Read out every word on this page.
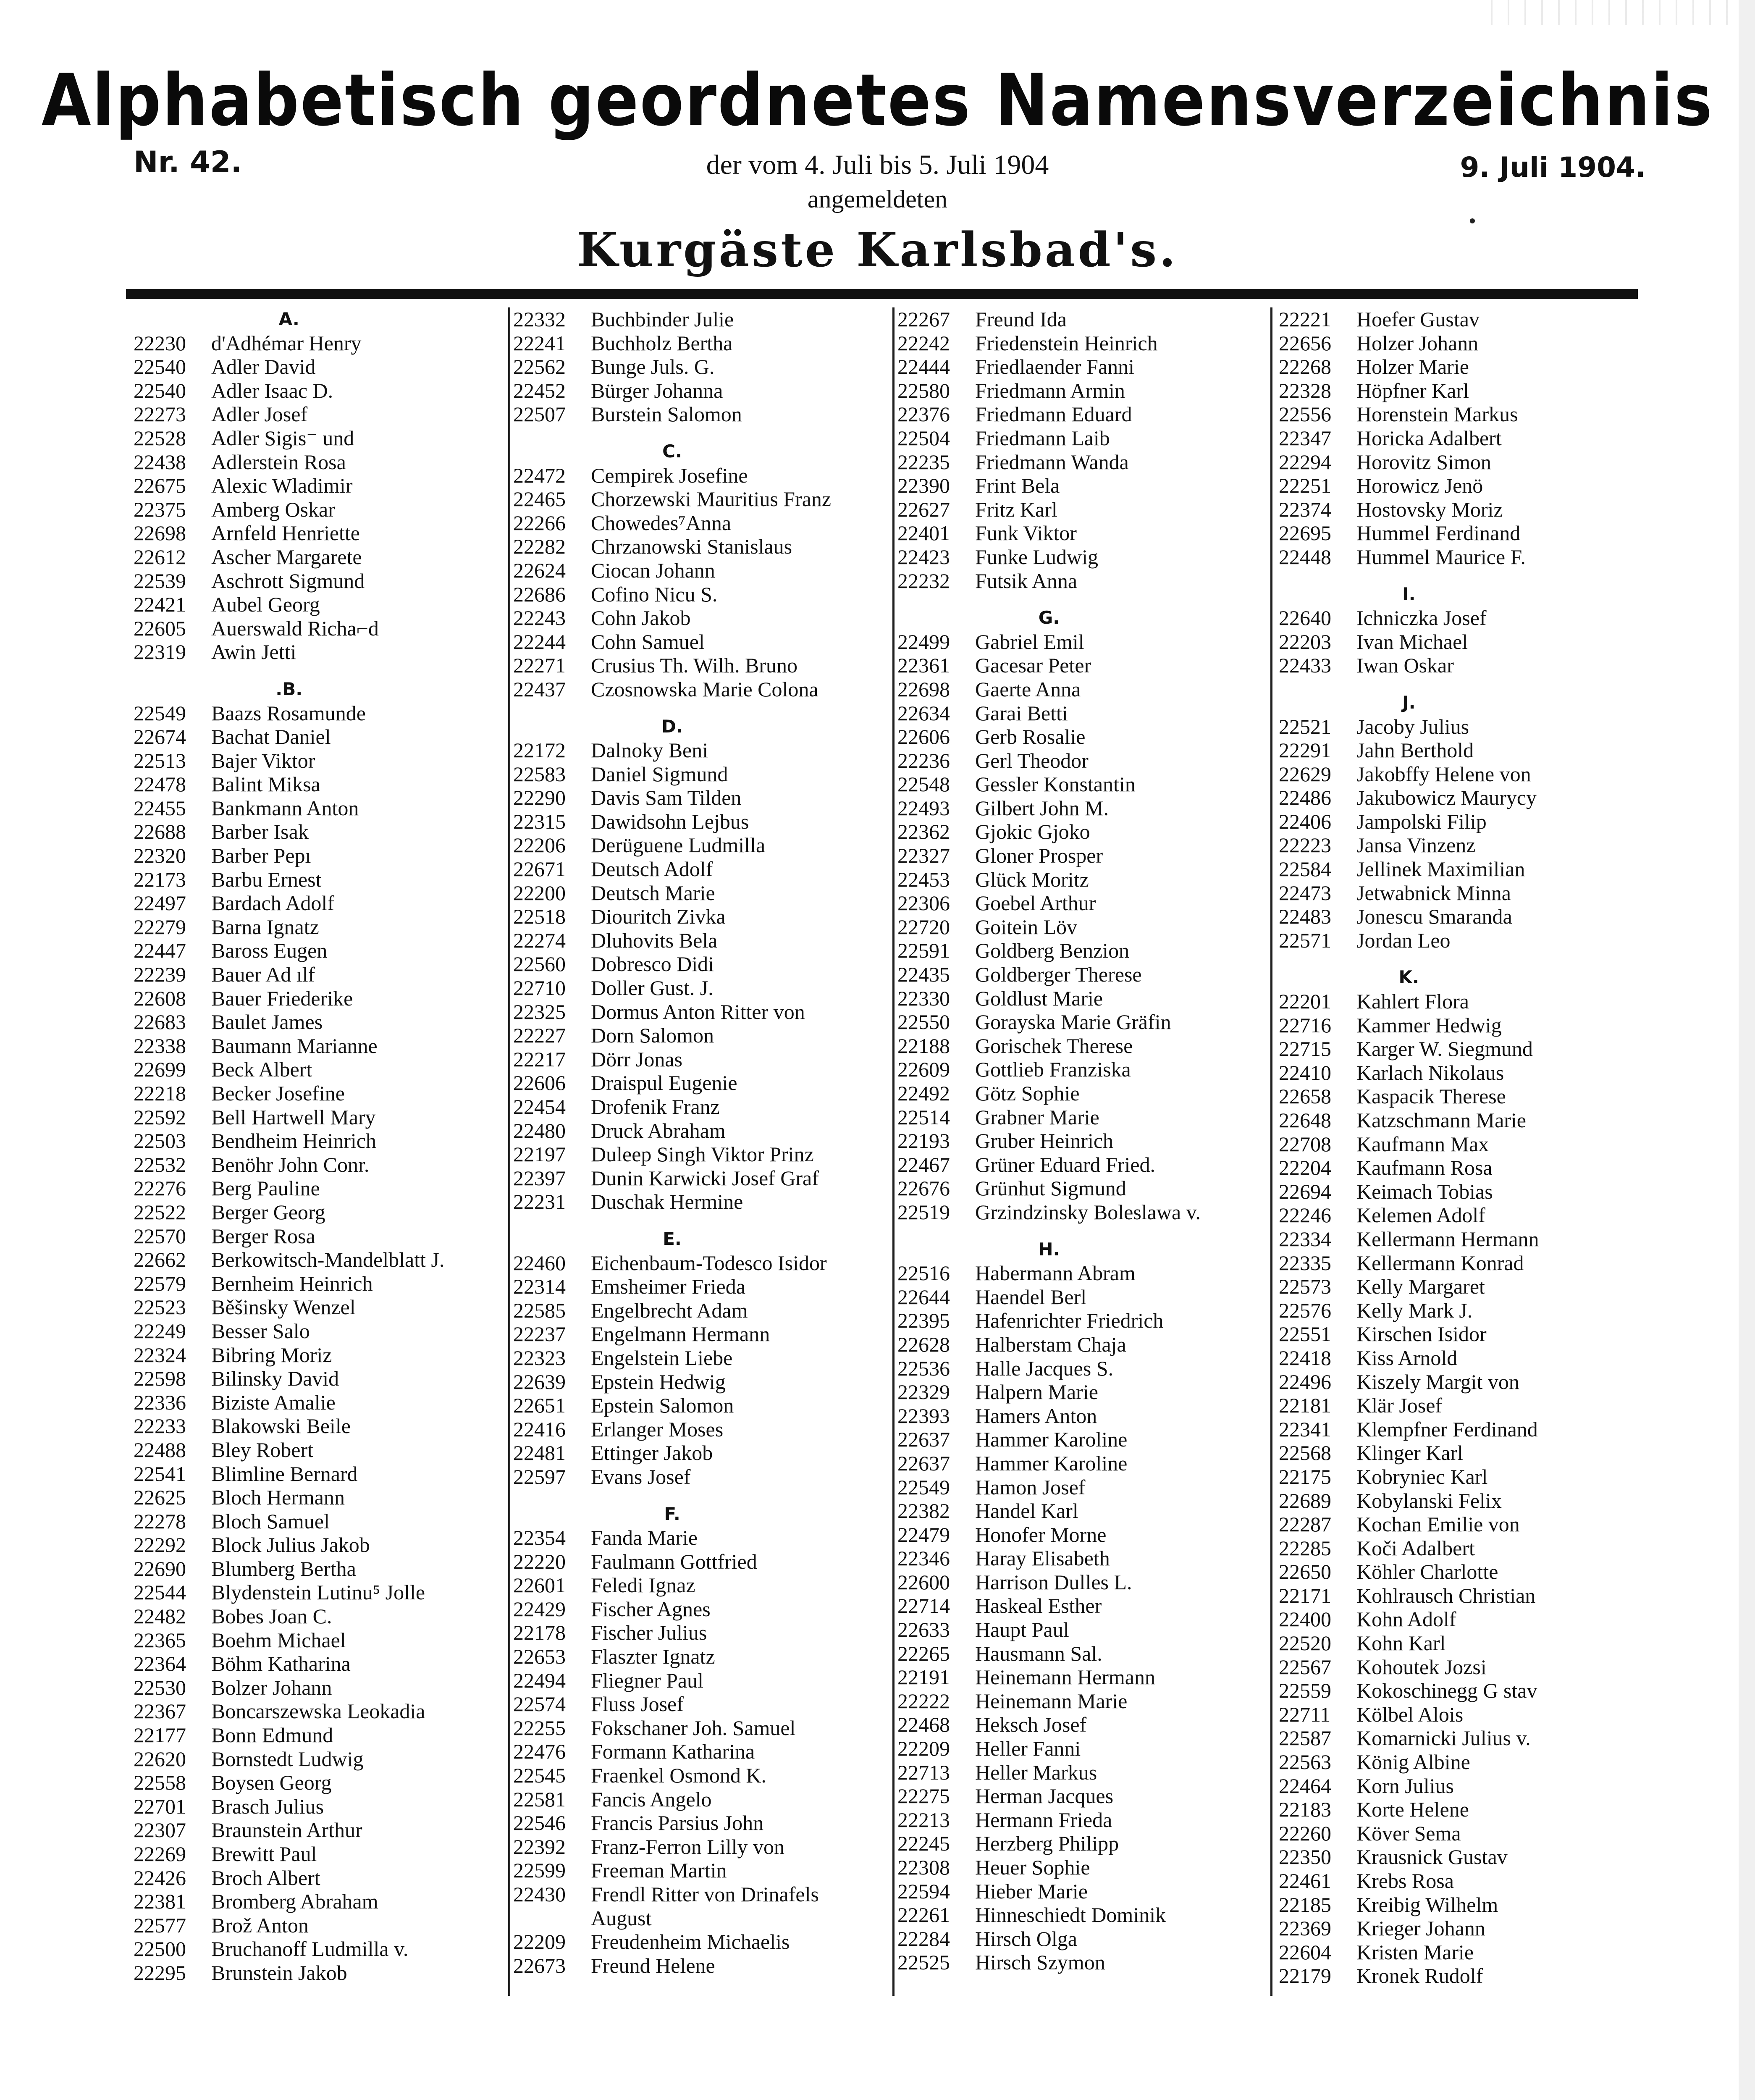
Alphabetisch geordnetes Namensverzeichnis
Nr. 42.	der vom 4. Juli bis 5. Juli 1904
angemeldeten
9. Juli 1904.
Kurgäste Karlsbad's.
A.
22230 d'Adhémar Henry
22540 Adler David
22540 Adler Isaac D.
22273 Adler Josef
22528 Adler Sigis⁻ und
22438 Adlerstein Rosa
22675 Alexic Wladimir
22375 Amberg Oskar
22698 Arnfeld Henriette
22612 Ascher Margarete
22539 Aschrott Sigmund
22421 Aubel Georg
22605 Auerswald Richa⌐d
22319 Awin Jetti
.B.
22549 Baazs Rosamunde
22674 Bachat Daniel
22513 Bajer Viktor
22478 Balint Miksa
22455 Bankmann Anton
22688 Barber Isak
22320 Barber Pepı
22173 Barbu Ernest
22497 Bardach Adolf
22279 Barna Ignatz
22447 Baross Eugen
22239 Bauer Ad ılf
22608 Bauer Friederike
22683 Baulet James
22338 Baumann Marianne
22699 Beck Albert
22218 Becker Josefine
22592 Bell Hartwell Mary
22503 Bendheim Heinrich
22532 Benöhr John Conr.
22276 Berg Pauline
22522 Berger Georg
22570 Berger Rosa
22662 Berkowitsch-Mandelblatt J.
22579 Bernheim Heinrich
22523 Běšinsky Wenzel
22249 Besser Salo
22324 Bibring Moriz
22598 Bilinsky David
22336 Biziste Amalie
22233 Blakowski Beile
22488 Bley Robert
22541 Blimline Bernard
22625 Bloch Hermann
22278 Bloch Samuel
22292 Block Julius Jakob
22690 Blumberg Bertha
22544 Blydenstein Lutinu⁵ Jolle
22482 Bobes Joan C.
22365 Boehm Michael
22364 Böhm Katharina
22530 Bolzer Johann
22367 Boncarszewska Leokadia
22177 Bonn Edmund
22620 Bornstedt Ludwig
22558 Boysen Georg
22701 Brasch Julius
22307 Braunstein Arthur
22269 Brewitt Paul
22426 Broch Albert
22381 Bromberg Abraham
22577 Brož Anton
22500 Bruchanoff Ludmilla v.
22295 Brunstein Jakob
22332 Buchbinder Julie
22241 Buchholz Bertha
22562 Bunge Juls. G.
22452 Bürger Johanna
22507 Burstein Salomon
C.
22472 Cempirek Josefine
22465 Chorzewski Mauritius Franz
22266 Chowedes⁷Anna
22282 Chrzanowski Stanislaus
22624 Ciocan Johann
22686 Cofino Nicu S.
22243 Cohn Jakob
22244 Cohn Samuel
22271 Crusius Th. Wilh. Bruno
22437 Czosnowska Marie Colona
D.
22172 Dalnoky Beni
22583 Daniel Sigmund
22290 Davis Sam Tilden
22315 Dawidsohn Lejbus
22206 Derüguene Ludmilla
22671 Deutsch Adolf
22200 Deutsch Marie
22518 Diouritch Zivka
22274 Dluhovits Bela
22560 Dobresco Didi
22710 Doller Gust. J.
22325 Dormus Anton Ritter von
22227 Dorn Salomon
22217 Dörr Jonas
22606 Draispul Eugenie
22454 Drofenik Franz
22480 Druck Abraham
22197 Duleep Singh Viktor Prinz
22397 Dunin Karwicki Jos⁠ef Graf
22231 Duschak Hermine
E.
22460 Eichenbaum-Todesco Isidor
22314 Emsheimer Frieda
22585 Engelbrecht Adam
22237 Engelmann Hermann
22323 Engelstein Liebe
22639 Epstein Hedwig
22651 Epstein Salomon
22416 Erlanger Moses
22481 Ettinger Jakob
22597 Evans Josef
F.
22354 Fanda Marie
22220 Faulmann Gottfried
22601 Feledi Ignaz
22429 Fischer Agnes
22178 Fischer Julius
22653 Flaszter Ignatz
22494 Fliegner Paul
22574 Fluss Josef
22255 Fokschaner Joh. Samuel
22476 Formann Katharina
22545 Fraenkel Osmond K.
22581 Fancis Angelo
22546 Francis Parsius John
22392 Franz-Ferron Lilly von
22599 Freeman Martin
22430 Frendl Ritter von Drinafels
August
22209 Freudenheim Michaelis
22673 Freund Helene
22267 Freund Ida
22242 Friedenstein Heinrich
22444 Friedlaender Fanni
22580 Friedmann Armin
22376 Friedmann Eduard
22504 Friedmann Laib
22235 Friedmann Wanda
22390 Frint Bela
22627 Fritz Karl
22401 Funk Viktor
22423 Funke Ludwig
22232 Futsik Anna
G.
22499 Gabriel Emil
22361 Gacesar Peter
22698 Gaerte Anna
22634 Garai Betti
22606 Gerb Rosalie
22236 Gerl Theodor
22548 Gessler Konstantin
22493 Gilbert John M.
22362 Gjokic Gjoko
22327 Gloner Prosper
22453 Glück Moritz
22306 Goebel Arthur
22720 Goitein Löv
22591 Goldberg Benzion
22435 Goldberger Therese
22330 Goldlust Marie
22550 Gorayska Marie Gräfin
22188 Gorischek Therese
22609 Gottlieb Franziska
22492 Götz Sophie
22514 Grabner Marie
22193 Gruber Heinrich
22467 Grüner Eduard Fried.
22676 Grünhut Sigmund
22519 Grzindzinsky Boleslawa v.
H.
22516 Habermann Abram
22644 Haendel Berl
22395 Hafenrichter Friedrich
22628 Halberstam Chaja
22536 Halle Jacques S.
22329 Halpern Marie
22393 Hamers Anton
22637 Hammer Karoline
22637 Hammer Karoline
22549 Hamon Josef
22382 Handel Karl
22479 Honofer Morne
22346 Haray Elisabeth
22600 Harrison Dulles L.
22714 Haskeal Esther
22633 Haupt Paul
22265 Hausmann Sal.
22191 Heinemann Hermann
22222 Heinemann Marie
22468 Heksch Josef
22209 Heller Fanni
22713 Heller Markus
22275 Herman Jacques
22213 Hermann Frieda
22245 Herzberg Philipp
22308 Heuer Sophie
22594 Hieber Marie
22261 Hinneschiedt Dominik
22284 Hirsch Olga
22525 Hirsch Szymon
22221 Hoefer Gustav
22656 Holzer Johann
22268 Holzer Marie
22328 Höpfner Karl
22556 Horenstein Markus
22347 Horicka Adalbert
22294 Horovitz Simon
22251 Horowicz Jenö
22374 Hostovsky Moriz
22695 Hummel Ferdinand
22448 Hummel Maurice F.
I.
22640 Ichniczka Josef
22203 Ivan Michael
22433 Iwan Oskar
J.
22521 Jacoby Julius
22291 Jahn Berthold
22629 Jakobffy Helene von
22486 Jakubowicz Maurycy
22406 Jampolski Filip
22223 Jansa Vinzenz
22584 Jellinek Maximilian
22473 Jetwabnick Minna
22483 Jonescu Smaranda
22571 Jordan Leo
K.
22201 Kahlert Flora
22716 Kammer Hedwig
22715 Karger W. Siegmund
22410 Karlach Nikolaus
22658 Kaspacik Therese
22648 Katzschmann Marie
22708 Kaufmann Max
22204 Kaufmann Rosa
22694 Keimach Tobias
22246 Kelemen Adolf
22334 Kellermann Hermann
22335 Kellermann Konrad
22573 Kelly Margaret
22576 Kelly Mark J.
22551 Kirschen Isidor
22418 Kiss Arnold
22496 Kiszely Margit von
22181 Klär Josef
22341 Klempfner Ferdinand
22568 Klinger Karl
22175 Kobryniec Karl
22689 Kobylanski Felix
22287 Kochan Emilie von
22285 Koči Adalbert
22650 Köhler Charlotte
22171 Kohlrausch Christian
22400 Kohn Adolf
22520 Kohn Karl
22567 Kohoutek Jozsi
22559 Kokoschinegg G stav
22711 Kölbel Alois
22587 Komarnicki Julius v.
22563 König Albine
22464 Korn Julius
22183 Korte Helene
22260 Köver Sema
22350 Krausnick Gustav
22461 Krebs Rosa
22185 Kreibig Wilhelm
22369 Krieger Johann
22604 Kristen Marie
22179 Kronek Rudolf
